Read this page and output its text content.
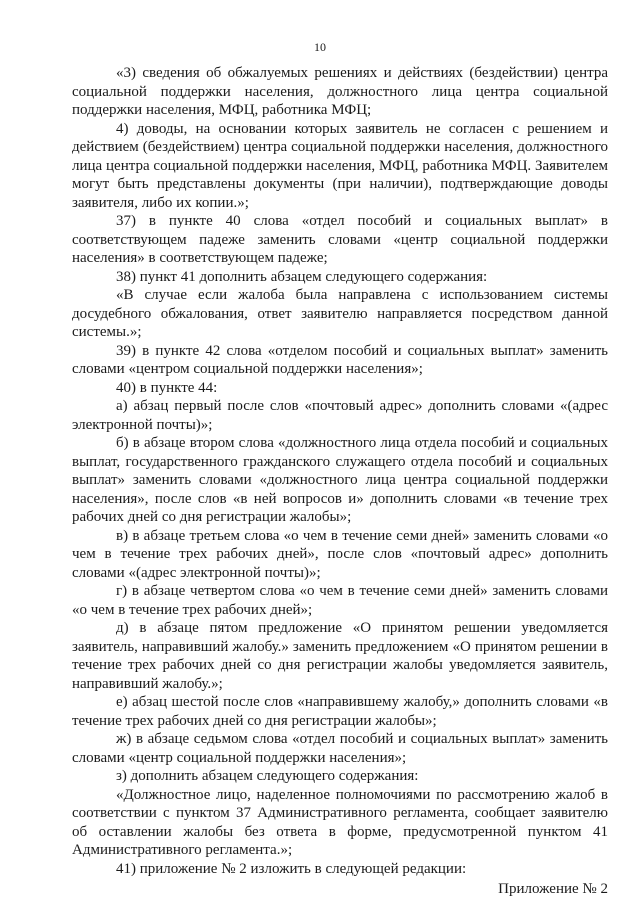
10

«3) сведения об обжалуемых решениях и действиях (бездействии) центра социальной поддержки населения, должностного лица центра социальной поддержки населения, МФЦ, работника МФЦ;

4) доводы, на основании которых заявитель не согласен с решением и действием (бездействием) центра социальной поддержки населения, должностного лица центра социальной поддержки населения, МФЦ, работника МФЦ. Заявителем могут быть представлены документы (при наличии), подтверждающие доводы заявителя, либо их копии.»;

37) в пункте 40 слова «отдел пособий и социальных выплат» в соответствующем падеже заменить словами «центр социальной поддержки населения» в соответствующем падеже;

38) пункт 41 дополнить абзацем следующего содержания:

«В случае если жалоба была направлена с использованием системы досудебного обжалования, ответ заявителю направляется посредством данной системы.»;

39) в пункте 42 слова «отделом пособий и социальных выплат» заменить словами «центром социальной поддержки населения»;

40) в пункте 44:

а) абзац первый после слов «почтовый адрес» дополнить словами «(адрес электронной почты)»;

б) в абзаце втором слова «должностного лица отдела пособий и социальных выплат, государственного гражданского служащего отдела пособий и социальных выплат» заменить словами «должностного лица центра социальной поддержки населения», после слов «в ней вопросов и» дополнить словами «в течение трех рабочих дней со дня регистрации жалобы»;

в) в абзаце третьем слова «о чем в течение семи дней» заменить словами «о чем в течение трех рабочих дней», после слов «почтовый адрес» дополнить словами «(адрес электронной почты)»;

г) в абзаце четвертом слова «о чем в течение семи дней» заменить словами «о чем в течение трех рабочих дней»;

д) в абзаце пятом предложение «О принятом решении уведомляется заявитель, направивший жалобу.» заменить предложением «О принятом решении в течение трех рабочих дней со дня регистрации жалобы уведомляется заявитель, направивший жалобу.»;

е) абзац шестой после слов «направившему жалобу,» дополнить словами «в течение трех рабочих дней со дня регистрации жалобы»;

ж) в абзаце седьмом слова «отдел пособий и социальных выплат» заменить словами «центр социальной поддержки населения»;

з) дополнить абзацем следующего содержания:

«Должностное лицо, наделенное полномочиями по рассмотрению жалоб в соответствии с пунктом 37 Административного регламента, сообщает заявителю об оставлении жалобы без ответа в форме, предусмотренной пунктом 41 Административного регламента.»;

41) приложение № 2 изложить в следующей редакции:

Приложение № 2
